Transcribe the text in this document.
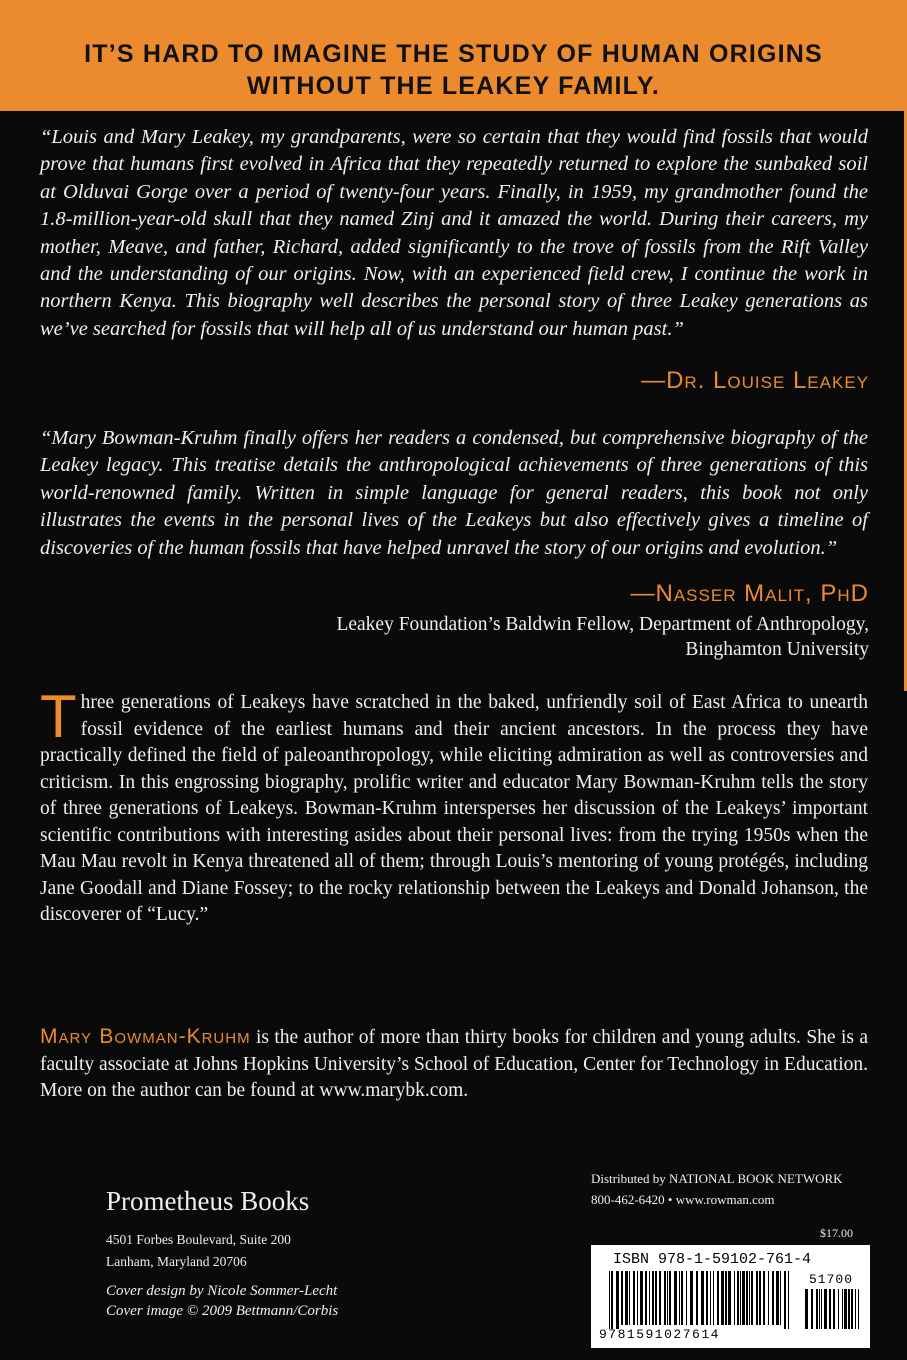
IT’S HARD TO IMAGINE THE STUDY OF HUMAN ORIGINS
WITHOUT THE LEAKEY FAMILY.

“Louis and Mary Leakey, my grandparents, were so certain that they would find fossils that would prove that humans first evolved in Africa that they repeatedly returned to explore the sunbaked soil at Olduvai Gorge over a period of twenty-four years. Finally, in 1959, my grandmother found the 1.8-million-year-old skull that they named Zinj and it amazed the world. During their careers, my mother, Meave, and father, Richard, added significantly to the trove of fossils from the Rift Valley and the understanding of our origins. Now, with an experienced field crew, I continue the work in northern Kenya. This biography well describes the personal story of three Leakey generations as we’ve searched for fossils that will help all of us understand our human past.”

—Dr. Louise Leakey

“Mary Bowman-Kruhm finally offers her readers a condensed, but comprehensive biography of the Leakey legacy. This treatise details the anthropological achievements of three generations of this world-renowned family. Written in simple language for general readers, this book not only illustrates the events in the personal lives of the Leakeys but also effectively gives a timeline of discoveries of the human fossils that have helped unravel the story of our origins and evolution.”

—Nasser Malit, PhD
Leakey Foundation’s Baldwin Fellow, Department of Anthropology,
Binghamton University

Three generations of Leakeys have scratched in the baked, unfriendly soil of East Africa to unearth fossil evidence of the earliest humans and their ancient ancestors. In the process they have practically defined the field of paleoanthropology, while eliciting admiration as well as controversies and criticism. In this engrossing biography, prolific writer and educator Mary Bowman-Kruhm tells the story of three generations of Leakeys. Bowman-Kruhm intersperses her discussion of the Leakeys’ important scientific contributions with interesting asides about their personal lives: from the trying 1950s when the Mau Mau revolt in Kenya threatened all of them; through Louis’s mentoring of young protégés, including Jane Goodall and Diane Fossey; to the rocky relationship between the Leakeys and Donald Johanson, the discoverer of “Lucy.”

Mary Bowman-Kruhm is the author of more than thirty books for children and young adults. She is a faculty associate at Johns Hopkins University’s School of Education, Center for Technology in Education. More on the author can be found at www.marybk.com.

Prometheus Books
4501 Forbes Boulevard, Suite 200
Lanham, Maryland 20706
Cover design by Nicole Sommer-Lecht
Cover image © 2009 Bettmann/Corbis
Distributed by NATIONAL BOOK NETWORK
800-462-6420 • www.rowman.com
$17.00
ISBN 978-1-59102-761-4
51700
9781591027614
